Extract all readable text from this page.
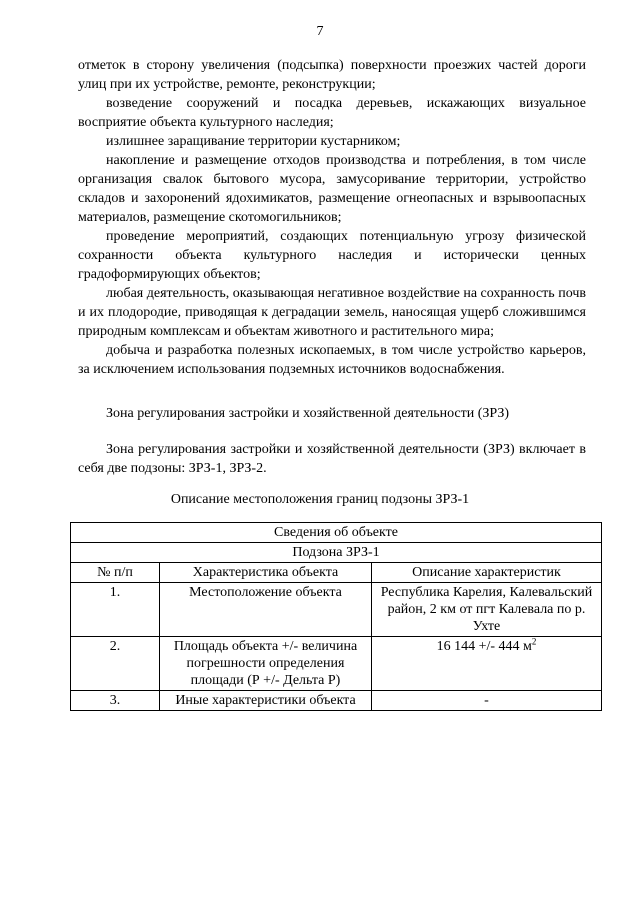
7

отметок в сторону увеличения (подсыпка) поверхности проезжих частей дороги улиц при их устройстве, ремонте, реконструкции;

возведение сооружений и посадка деревьев, искажающих визуальное восприятие объекта культурного наследия;

излишнее заращивание территории кустарником;

накопление и размещение отходов производства и потребления, в том числе организация свалок бытового мусора, замусоривание территории, устройство складов и захоронений ядохимикатов, размещение огнеопасных и взрывоопасных материалов, размещение скотомогильников;

проведение мероприятий, создающих потенциальную угрозу физической сохранности объекта культурного наследия и исторически ценных градоформирующих объектов;

любая деятельность, оказывающая негативное воздействие на сохранность почв и их плодородие, приводящая к деградации земель, наносящая ущерб сложившимся природным комплексам и объектам животного и растительного мира;

добыча и разработка полезных ископаемых, в том числе устройство карьеров, за исключением использования подземных источников водоснабжения.

Зона регулирования застройки и хозяйственной деятельности (ЗРЗ)

Зона регулирования застройки и хозяйственной деятельности (ЗРЗ) включает в себя две подзоны: ЗРЗ-1, ЗРЗ-2.

Описание местоположения границ подзоны ЗРЗ-1
Сведения об объекте		
Подзона ЗРЗ-1		
№ п/п	Характеристика объекта	Описание характеристик
1.	Местоположение объекта	Республика Карелия, Калевальский район, 2 км от пгт Калевала по р. Ухте
2.	Площадь объекта +/- величина погрешности определения площади (Р +/- Дельта Р)	16 144 +/- 444 $м^2$
3.	Иные характеристики объекта	-
